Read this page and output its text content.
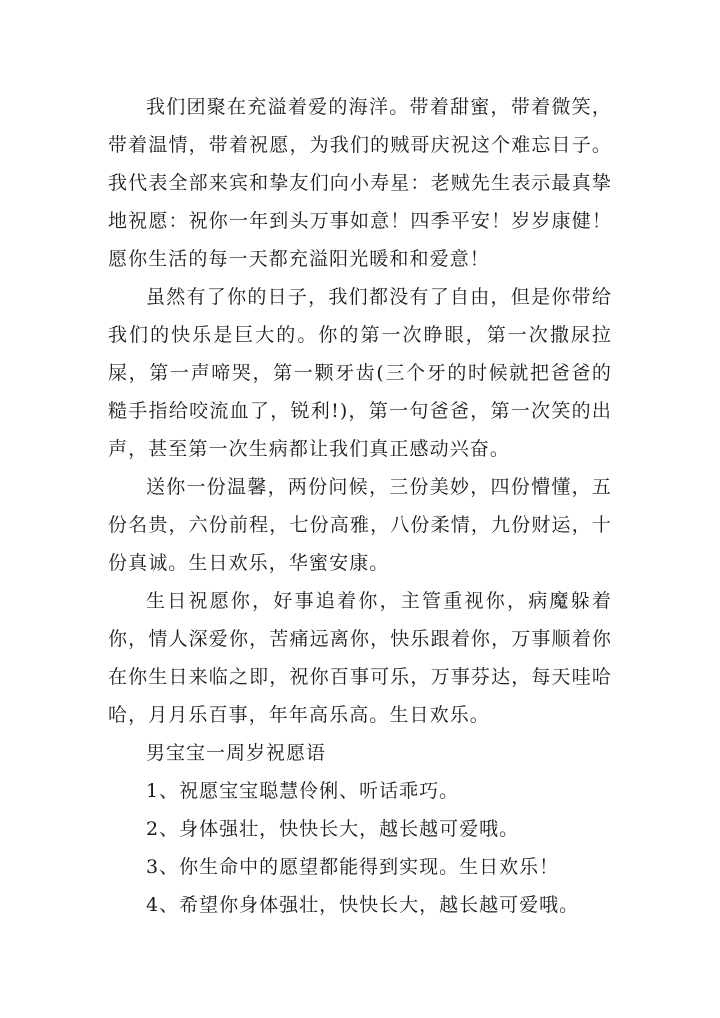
我们团聚在充溢着爱的海洋。带着甜蜜，带着微笑，带着温情，带着祝愿，为我们的贼哥庆祝这个难忘日子。我代表全部来宾和挚友们向小寿星：老贼先生表示最真挚地祝愿：祝你一年到头万事如意！四季平安！岁岁康健！愿你生活的每一天都充溢阳光暖和和爱意！

虽然有了你的日子，我们都没有了自由，但是你带给我们的快乐是巨大的。你的第一次睁眼，第一次撒尿拉屎，第一声啼哭，第一颗牙齿(三个牙的时候就把爸爸的糙手指给咬流血了，锐利!)，第一句爸爸，第一次笑的出声，甚至第一次生病都让我们真正感动兴奋。

送你一份温馨，两份问候，三份美妙，四份懵懂，五份名贵，六份前程，七份高雅，八份柔情，九份财运，十份真诚。生日欢乐，华蜜安康。

生日祝愿你，好事追着你，主管重视你，病魔躲着你，情人深爱你，苦痛远离你，快乐跟着你，万事顺着你在你生日来临之即，祝你百事可乐，万事芬达，每天哇哈哈，月月乐百事，年年高乐高。生日欢乐。

男宝宝一周岁祝愿语

1、祝愿宝宝聪慧伶俐、听话乖巧。
2、身体强壮，快快长大，越长越可爱哦。
3、你生命中的愿望都能得到实现。生日欢乐！
4、希望你身体强壮，快快长大，越长越可爱哦。
